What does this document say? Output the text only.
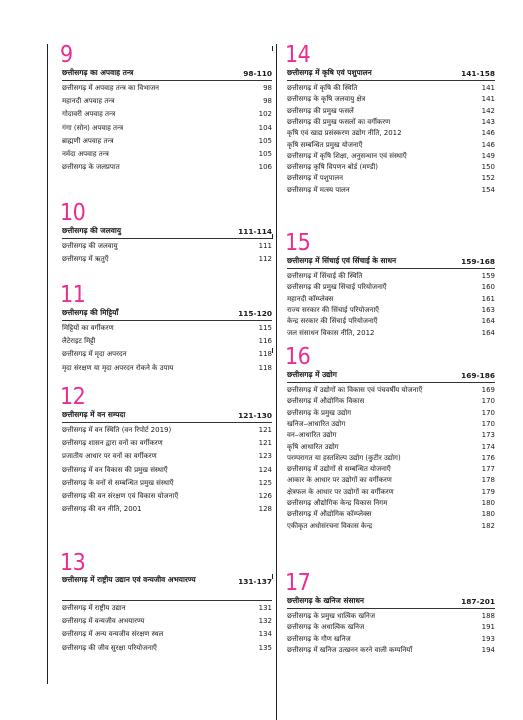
9
छत्तीसगढ़ का अपवाह तन्त्र	98-110
छत्तीसगढ़ में अपवाह तन्त्र का विभाजन	98
महानदी अपवाह तन्त्र	98
गोदावरी अपवाह तन्त्र	102
गंगा (सोन) अपवाह तन्त्र	104
ब्राह्मणी अपवाह तन्त्र	105
नर्मदा अपवाह तन्त्र	105
छत्तीसगढ़ के जलप्रपात	106
10
छत्तीसगढ़ की जलवायु	111-114
छत्तीसगढ़ की जलवायु	111
छत्तीसगढ़ में ऋतुएँ	112
11
छत्तीसगढ़ की मिट्टियाँ	115-120
मिट्टियों का वर्गीकरण	115
लैटेराइट मिट्टी	116
छत्तीसगढ़ में मृदा अपरदन	118
मृदा संरक्षण या मृदा अपरदन रोकने के उपाय	118
12
छत्तीसगढ़ में वन सम्पदा	121-130
छत्तीसगढ़ में वन स्थिति (वन रिपोर्ट 2019)	121
छत्तीसगढ़ शासन द्वारा वनों का वर्गीकरण	121
प्रजातीय आधार पर वनों का वर्गीकरण	123
छत्तीसगढ़ में वन विकास की प्रमुख संस्थाएँ	124
छत्तीसगढ़ के वनों से सम्बन्धित प्रमुख संस्थाएँ	125
छत्तीसगढ़ की वन संरक्षण एवं विकास योजनाएँ	126
छत्तीसगढ़ की वन नीति, 2001	128
13
छत्तीसगढ़ में राष्ट्रीय उद्यान एवं वन्यजीव अभयारण्य	131-137
छत्तीसगढ़ में राष्ट्रीय उद्यान	131
छत्तीसगढ़ में वन्यजीव अभयारण्य	132
छत्तीसगढ़ में अन्य वन्यजीव संरक्षण स्थल	134
छत्तीसगढ़ की जीव सुरक्षा परियोजनाएँ	135
14
छत्तीसगढ़ में कृषि एवं पशुपालन	141-158
छत्तीसगढ़ में कृषि की स्थिति	141
छत्तीसगढ़ के कृषि जलवायु क्षेत्र	141
छत्तीसगढ़ की प्रमुख फसलें	142
छत्तीसगढ़ की प्रमुख फसलों का वर्गीकरण	143
कृषि एवं खाद्य प्रसंस्करण उद्योग नीति, 2012	146
कृषि सम्बन्धित प्रमुख योजनाएँ	146
छत्तीसगढ़ में कृषि शिक्षा, अनुसन्धान एवं संस्थाएँ	149
छत्तीसगढ़ कृषि विपणन बोर्ड (मण्डी)	150
छत्तीसगढ़ में पशुपालन	152
छत्तीसगढ़ में मत्स्य पालन	154
15
छत्तीसगढ़ में सिंचाई एवं सिंचाई के साधन	159-168
छत्तीसगढ़ में सिंचाई की स्थिति	159
छत्तीसगढ़ की प्रमुख सिंचाई परियोजनाएँ	160
महानदी कॉम्प्लेक्स	161
राज्य सरकार की सिंचाई परियोजनाएँ	163
केन्द्र सरकार की सिंचाई परियोजनाएँ	164
जल संसाधन विकास नीति, 2012	164
16
छत्तीसगढ़ में उद्योग	169-186
छत्तीसगढ़ में उद्योगों का विकास एवं पंचवर्षीय योजनाएँ	169
छत्तीसगढ़ में औद्योगिक विकास	170
छत्तीसगढ़ के प्रमुख उद्योग	170
खनिज–आधारित उद्योग	170
वन–आधारित उद्योग	173
कृषि आधारित उद्योग	174
परम्परागत या हस्तशिल्प उद्योग (कुटीर उद्योग)	176
छत्तीसगढ़ में उद्योगों से सम्बन्धित योजनाएँ	177
आकार के आधार पर उद्योगों का वर्गीकरण	178
क्षेत्रफल के आधार पर उद्योगों का वर्गीकरण	179
छत्तीसगढ़ औद्योगिक केन्द्र विकास निगम	180
छत्तीसगढ़ में औद्योगिक कॉम्प्लेक्स	180
एकीकृत अधोसंरचना विकास केन्द्र	182
17
छत्तीसगढ़ के खनिज संसाधन	187-201
छत्तीसगढ़ के प्रमुख धात्विक खनिज	188
छत्तीसगढ़ के अधात्विक खनिज	191
छत्तीसगढ़ के गौण खनिज	193
छत्तीसगढ़ में खनिज उत्खनन करने वाली कम्पनियाँ	194
